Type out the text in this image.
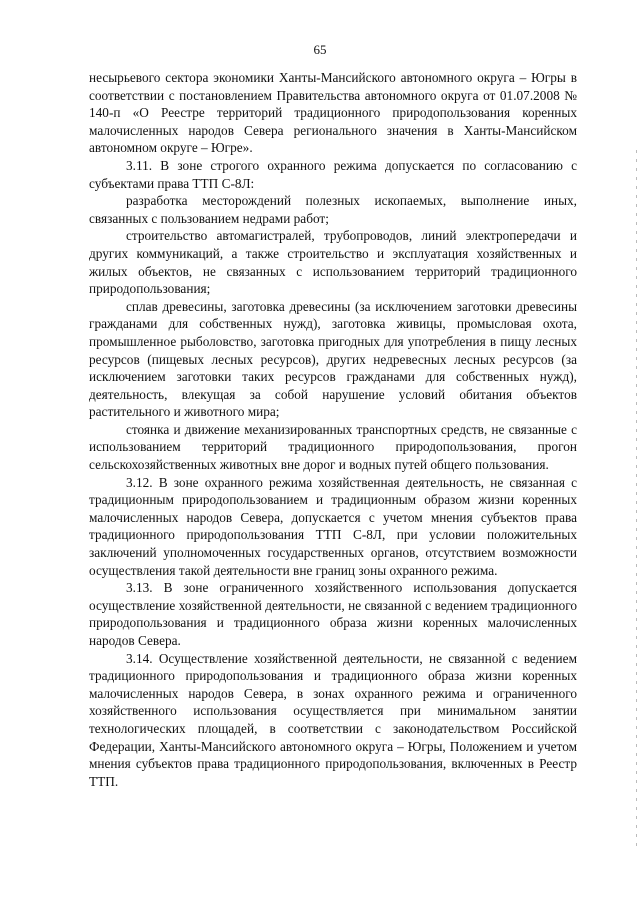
65

несырьевого сектора экономики Ханты-Мансийского автономного округа – Югры в соответствии с постановлением Правительства автономного округа от 01.07.2008 № 140-п «О Реестре территорий традиционного природопользования коренных малочисленных народов Севера регионального значения в Ханты-Мансийском автономном округе – Югре».

3.11. В зоне строгого охранного режима допускается по согласованию с субъектами права ТТП С-8Л:

разработка месторождений полезных ископаемых, выполнение иных, связанных с пользованием недрами работ;

строительство автомагистралей, трубопроводов, линий электропередачи и других коммуникаций, а также строительство и эксплуатация хозяйственных и жилых объектов, не связанных с использованием территорий традиционного природопользования;

сплав древесины, заготовка древесины (за исключением заготовки древесины гражданами для собственных нужд), заготовка живицы, промысловая охота, промышленное рыболовство, заготовка пригодных для употребления в пищу лесных ресурсов (пищевых лесных ресурсов), других недревесных лесных ресурсов (за исключением заготовки таких ресурсов гражданами для собственных нужд), деятельность, влекущая за собой нарушение условий обитания объектов растительного и животного мира;

стоянка и движение механизированных транспортных средств, не связанные с использованием территорий традиционного природопользования, прогон сельскохозяйственных животных вне дорог и водных путей общего пользования.

3.12. В зоне охранного режима хозяйственная деятельность, не связанная с традиционным природопользованием и традиционным образом жизни коренных малочисленных народов Севера, допускается с учетом мнения субъектов права традиционного природопользования ТТП С-8Л, при условии положительных заключений уполномоченных государственных органов, отсутствием возможности осуществления такой деятельности вне границ зоны охранного режима.

3.13. В зоне ограниченного хозяйственного использования допускается осуществление хозяйственной деятельности, не связанной с ведением традиционного природопользования и традиционного образа жизни коренных малочисленных народов Севера.

3.14. Осуществление хозяйственной деятельности, не связанной с ведением традиционного природопользования и традиционного образа жизни коренных малочисленных народов Севера, в зонах охранного режима и ограниченного хозяйственного использования осуществляется при минимальном занятии технологических площадей, в соответствии с законодательством Российской Федерации, Ханты-Мансийского автономного округа – Югры, Положением и учетом мнения субъектов права традиционного природопользования, включенных в Реестр ТТП.
